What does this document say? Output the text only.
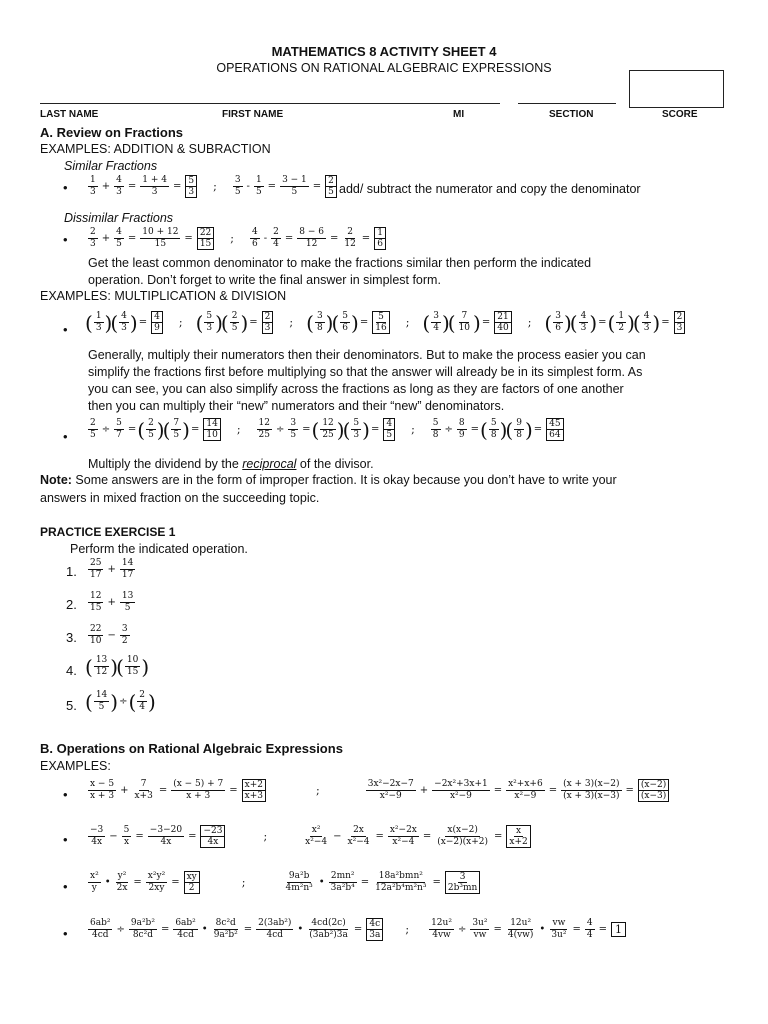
MATHEMATICS 8 ACTIVITY SHEET 4
OPERATIONS ON RATIONAL ALGEBRAIC EXPRESSIONS
LAST NAME	FIRST NAME	MI	SECTION	SCORE
A. Review on Fractions
EXAMPLES: ADDITION & SUBRACTION
Similar Fractions
• 1
$3 + \frac{4}{3} = \frac{1 + 4}{3} = \frac{5}{3}$ ; 3
$5 - \frac{1}{5} = \frac{3 - 1}{5} = \frac{2}{5} add/$ subtract the numerator and copy the denominator
Dissimilar Fractions
• 2
$3 + \frac{4}{5} = \frac{10 + 12}{15} = \frac{22}{15}$ ; 4
$6 - \frac{2}{4} = \frac{8 - 6}{12} = \frac{2}{12} = \frac{1}{6}$
Get the least common denominator to make the fractions similar then perform the indicated
operation. Don’t forget to write the final answer in simplest form.
EXAMPLES: MULTIPLICATION & DIVISION
• ( 1
3 )
( 4
3 ) = $\frac{4}{9}$ ; ( 5
3 )
( 2
5 ) = $\frac{2}{3}$ ; ( 3
8 )
( 5
6 ) = $\frac{5}{16}$ ; ( 3
4 )
( 7
10 ) = $\frac{21}{40}$ ; ( 3
6 )
( 4
3 ) = ( 1
2 )
( 4
3 ) = $\frac{2}{3}$
Generally, multiply their numerators then their denominators. But to make the process easier you can
simplify the fractions first before multiplying so that the answer will already be in its simplest form. As
you can see, you can also simplify across the fractions as long as they are factors of one another
then you can multiply their “new” numerators and their “new” denominators.
• $\frac{2}{5} \div \frac{5}{7}$ = ( 2
5 )
( 7
5 ) = $\frac{14}{10}$ ; $\frac{12}{25} \div \frac{3}{5}$ = ( 12
25 )
( 5
3 ) = $\frac{4}{5}$ ; $\frac{5}{8} \div \frac{8}{9}$ = ( 5
8 )
( 9
8 ) = $\frac{45}{64}$
Multiply the dividend by the reciprocal of the divisor.
Note: Some answers are in the form of improper fraction. It is okay because you don’t have to write your
answers in mixed fraction on the succeeding topic.
PRACTICE EXERCISE 1
Perform the indicated operation.
1.
25
$17 + \frac{14}{17}$
2.
12
$15 + \frac{13}{5}$
3.
22
$10 - \frac{3}{2}$
4. ( 13
12 )
( 10
15 )
5. ( 14
5 ) ÷ ( 2
4 )
B. Operations on Rational Algebraic Expressions
EXAMPLES:
•
x − 5
$x + 3 + \frac{7}{x+3} = \frac{(x - 5) + 7}{x + 3} = \frac{x+2}{x+3}$	;	3x²−2x−7
$x^2-9 + \frac{\text{−2x²+3x+1}}{\text{x²−9}} = \frac{\text{x²+x+6}}{\text{x²−9}} = \frac{(x + 3)(x-2)}{(x + 3)(x-3)} = \frac{(x-2)}{(x-3)}$
•
−3
$4x - \frac{5}{x} = \frac{-3-20}{4x} = \frac{-23}{4x}$	;	x²
$x^2-4 - \frac{2x}{\text{x²−4}} = \frac{\text{x²−2x}}{\text{x²−4}} = \frac{x(x-2)}{(x-2)(x+2)} = \frac{x}{x+2}$
•
x²
y • $\frac{\text{y²}}{2x} = \frac{\text{x²y²}}{2xy} = \frac{xy}{2}$	;	9a²b
4m²n³ • $\frac{\text{2mn²}}{\text{3a²b⁴}}$ =
18a²bmn²
$12a^2b^4m^2n^3 = \frac{3}{\text{2b³mn}}$
• $\frac{\text{6ab²}}{4cd} \div \frac{\text{9a²b²}}{\text{8c²d}} = \frac{\text{6ab²}}{4cd}$ • $\frac{\text{8c²d}}{\text{9a²b²}} = \frac{\text{2(3ab²)}}{4cd}$ • $\frac{4cd(2c)}{\text{(3ab²)3a}} = \frac{4c}{3a}$ ; $\frac{\text{12u²}}{4vw} \div \frac{\text{3u²}}{vw} = \frac{\text{12u²}}{4(vw)}$ • $\frac{vw}{\text{3u²}} = \frac{4}{4} = 1$
